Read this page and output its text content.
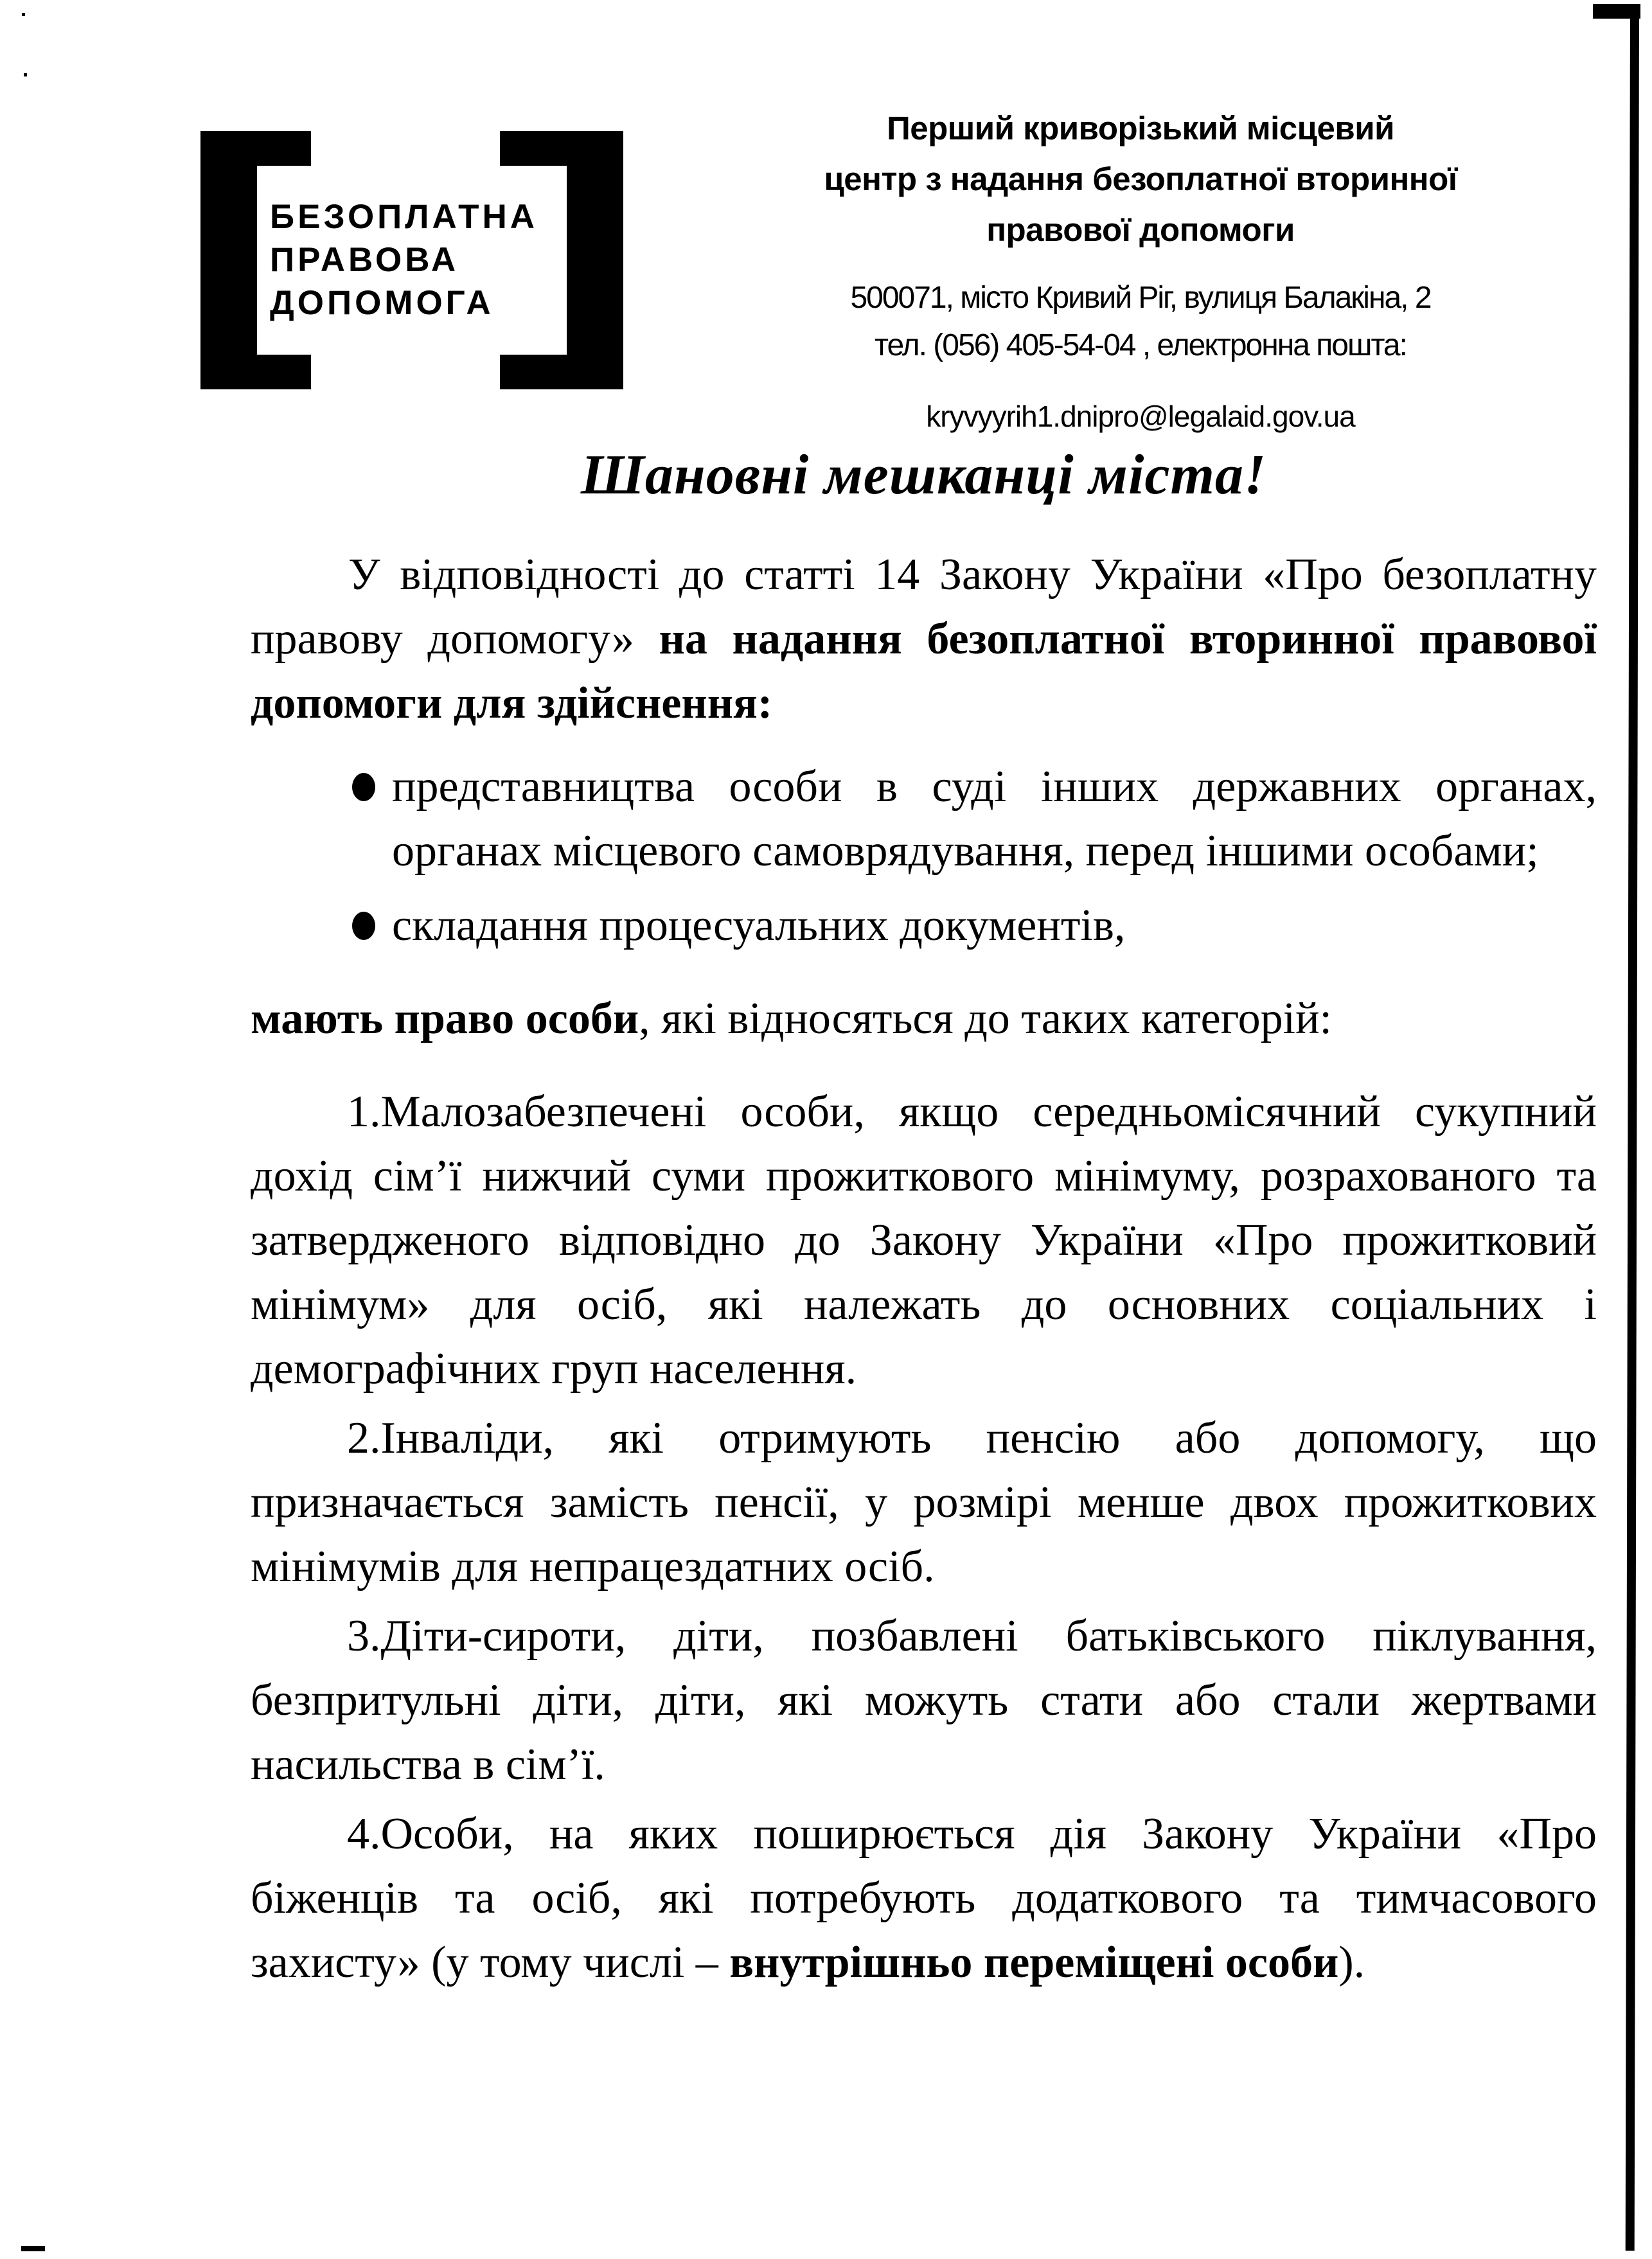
БЕЗОПЛАТНА
ПРАВОВА
ДОПОМОГА
Перший криворізький місцевий
центр з надання безоплатної вторинної
правової допомоги
500071, місто Кривий Ріг, вулиця Балакіна, 2
тел. (056) 405-54-04 , електронна пошта:
kryvyyrih1.dnipro@legalaid.gov.ua
Шановні мешканці міста!

У відповідності до статті 14 Закону України «Про безоплатну правову допомогу» на надання безоплатної вторинної правової допомоги для здійснення:

представництва особи в суді інших державних органах, органах місцевого самоврядування, перед іншими особами;
складання процесуальних документів,

мають право особи, які відносяться до таких категорій:

1.Малозабезпечені особи, якщо середньомісячний сукупний дохід сім’ї нижчий суми прожиткового мінімуму, розрахованого та затвердженого відповідно до Закону України «Про прожитковий мінімум» для осіб, які належать до основних соціальних і демографічних груп населення.
2.Інваліди, які отримують пенсію або допомогу, що призначається замість пенсії, у розмірі менше двох прожиткових мінімумів для непрацездатних осіб.
3.Діти-сироти, діти, позбавлені батьківського піклування, безпритульні діти, діти, які можуть стати або стали жертвами насильства в сім’ї.
4.Особи, на яких поширюється дія Закону України «Про біженців та осіб, які потребують додаткового та тимчасового захисту» (у тому числі – внутрішньо переміщені особи).
